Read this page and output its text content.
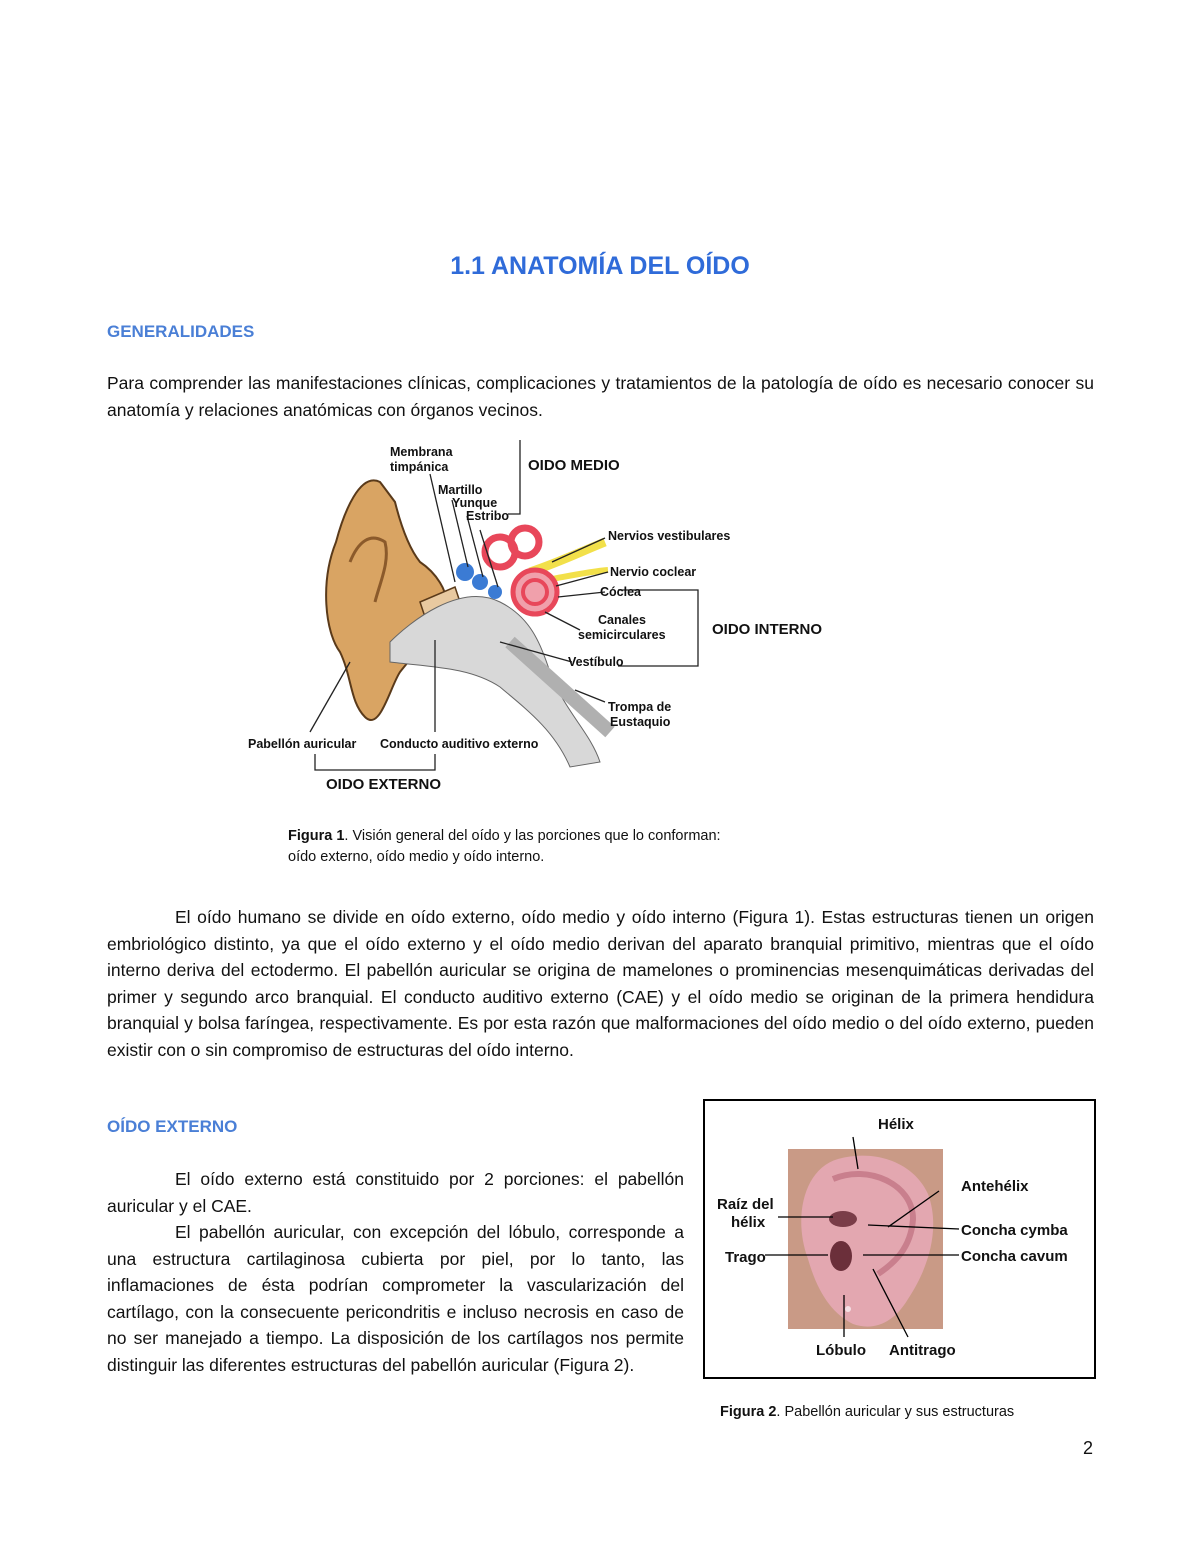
1.1 ANATOMÍA DEL OÍDO
GENERALIDADES
Para comprender las manifestaciones clínicas, complicaciones y tratamientos de la patología de oído es necesario conocer su anatomía y relaciones anatómicas con órganos vecinos.
Membrana
timpánica
Martillo
Yunque
Estribo
OIDO MEDIO
Nervios vestibulares
Nervio coclear
Cóclea
Canales
semicirculares	OIDO INTERNO
Vestíbulo
Trompa de
Eustaquio
Pabellón auricular Conducto auditivo externo
OIDO EXTERNO
Figura 1. Visión general del oído y las porciones que lo conforman:
oído externo, oído medio y oído interno.
El oído humano se divide en oído externo, oído medio y oído interno (Figura 1). Estas estructuras tienen un origen embriológico distinto, ya que el oído externo y el oído medio derivan del aparato branquial primitivo, mientras que el oído interno deriva del ectodermo. El pabellón auricular se origina de mamelones o prominencias mesenquimáticas derivadas del primer y segundo arco branquial. El conducto auditivo externo (CAE) y el oído medio se originan de la primera hendidura branquial y bolsa faríngea, respectivamente. Es por esta razón que malformaciones del oído medio o del oído externo, pueden existir con o sin compromiso de estructuras del oído interno.
OÍDO EXTERNO
El oído externo está constituido por 2 porciones: el pabellón auricular y el CAE.
El pabellón auricular, con excepción del lóbulo, corresponde a una estructura cartilaginosa cubierta por piel, por lo tanto, las inflamaciones de ésta podrían comprometer la vascularización del cartílago, con la consecuente pericondritis e incluso necrosis en caso de no ser manejado a tiempo. La disposición de los cartílagos nos permite distinguir las diferentes estructuras del pabellón auricular (Figura 2).
Hélix
Antehélix
Raíz del
hélix	Concha cymba
Concha cavum
Trago
Lóbulo Antitrago
Figura 2. Pabellón auricular y sus estructuras
2
